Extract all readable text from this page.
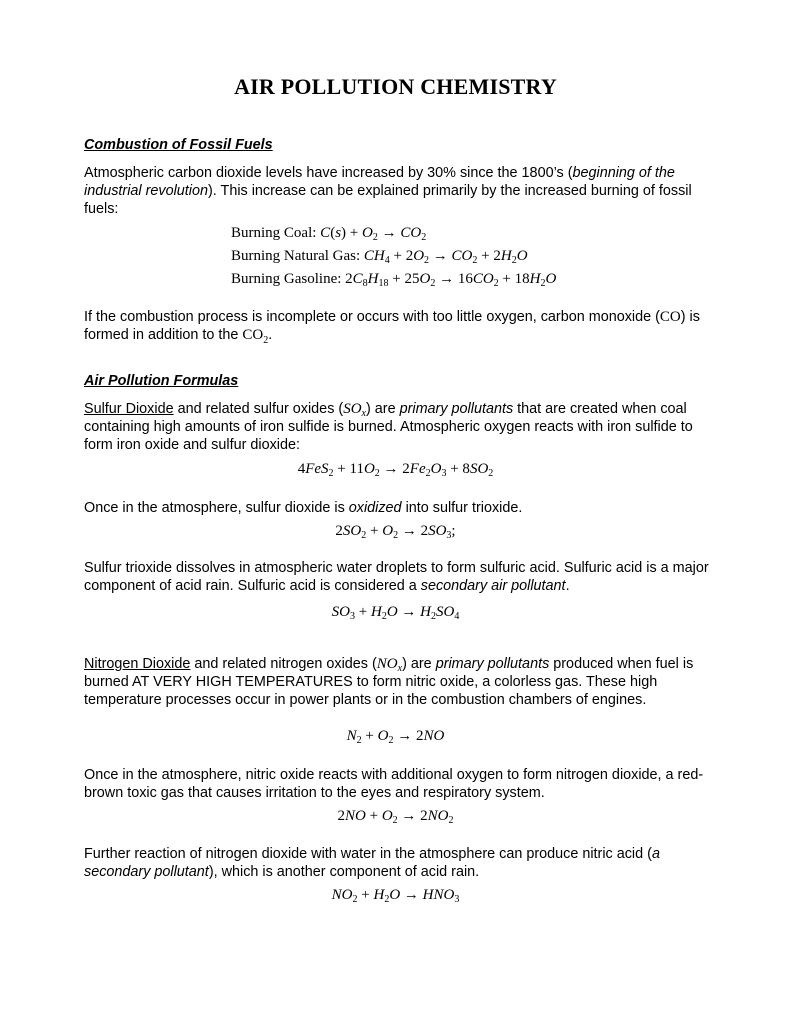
AIR POLLUTION CHEMISTRY
Combustion of Fossil Fuels
Atmospheric carbon dioxide levels have increased by 30% since the 1800’s (beginning of the industrial revolution). This increase can be explained primarily by the increased burning of fossil fuels:
Burning Coal: $C(s) + O_2 \to CO_2$
Burning Natural Gas: $CH_4 + 2O_2 \to CO_2 + 2H_2O$
Burning Gasoline: $2C_8H_{18} + 25O_2 \to 16CO_2 + 18H_2O$
If the combustion process is incomplete or occurs with too little oxygen, carbon monoxide (CO) is formed in addition to the $CO_2$.
Air Pollution Formulas
Sulfur Dioxide and related sulfur oxides $(SO_x)$ are primary pollutants that are created when coal containing high amounts of iron sulfide is burned. Atmospheric oxygen reacts with iron sulfide to form iron oxide and sulfur dioxide:
$4FeS_2 + 11O_2 \to 2Fe_2O_3 + 8SO_2$
Once in the atmosphere, sulfur dioxide is oxidized into sulfur trioxide.
$2SO_2 + O_2 \to 2SO_3$;
Sulfur trioxide dissolves in atmospheric water droplets to form sulfuric acid. Sulfuric acid is a major component of acid rain. Sulfuric acid is considered a secondary air pollutant.
$SO_3 + H_2O \to H_2SO_4$
Nitrogen Dioxide and related nitrogen oxides $(NO_x)$ are primary pollutants produced when fuel is burned AT VERY HIGH TEMPERATURES to form nitric oxide, a colorless gas. These high temperature processes occur in power plants or in the combustion chambers of engines.
$N_2 + O_2 \to 2NO$
Once in the atmosphere, nitric oxide reacts with additional oxygen to form nitrogen dioxide, a red-brown toxic gas that causes irritation to the eyes and respiratory system.
$2NO + O_2 \to 2NO_2$
Further reaction of nitrogen dioxide with water in the atmosphere can produce nitric acid (a secondary pollutant), which is another component of acid rain.
$NO_2 + H_2O \to HNO_3$
